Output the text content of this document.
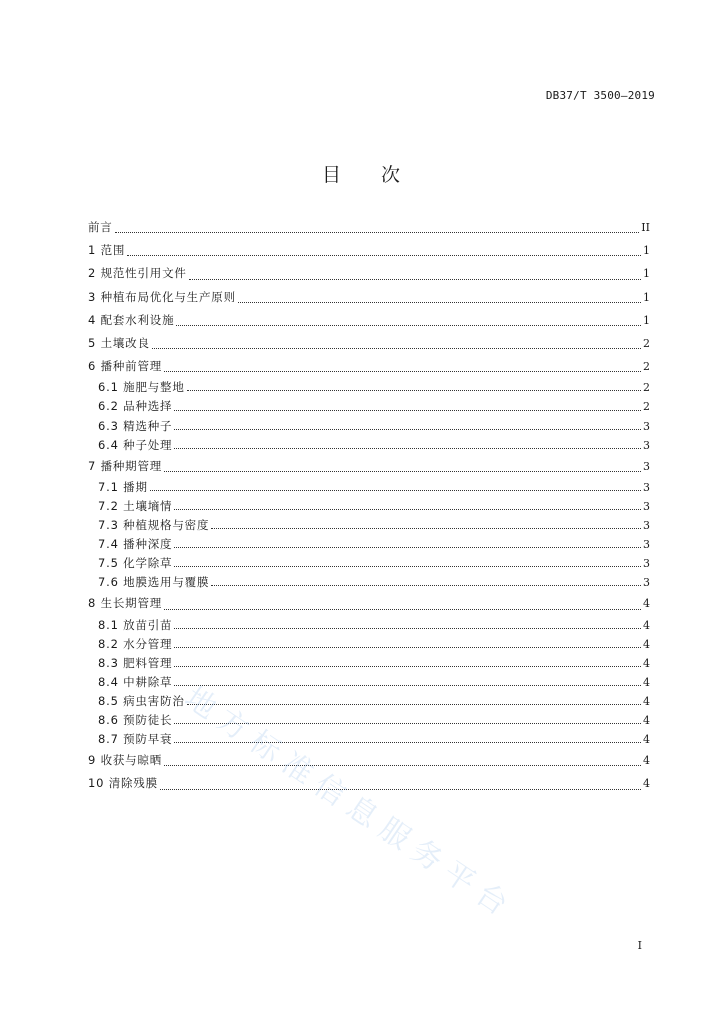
DB37/T 3500—2019
目 次
前言	II
1 范围	1
2 规范性引用文件	1
3 种植布局优化与生产原则	1
4 配套水利设施	1
5 土壤改良	2
6 播种前管理	2
6.1 施肥与整地	2
6.2 品种选择	2
6.3 精选种子	3
6.4 种子处理	3
7 播种期管理	3
7.1 播期	3
7.2 土壤墒情	3
7.3 种植规格与密度	3
7.4 播种深度	3
7.5 化学除草	3
7.6 地膜选用与覆膜	3
8 生长期管理	4
8.1 放苗引苗	4
8.2 水分管理	4
8.3 肥料管理	4
8.4 中耕除草	4
8.5 病虫害防治	4
8.6 预防徒长	4
8.7 预防早衰	4
9 收获与晾晒	4
10 清除残膜	4
地方标准信息服务平台
I
